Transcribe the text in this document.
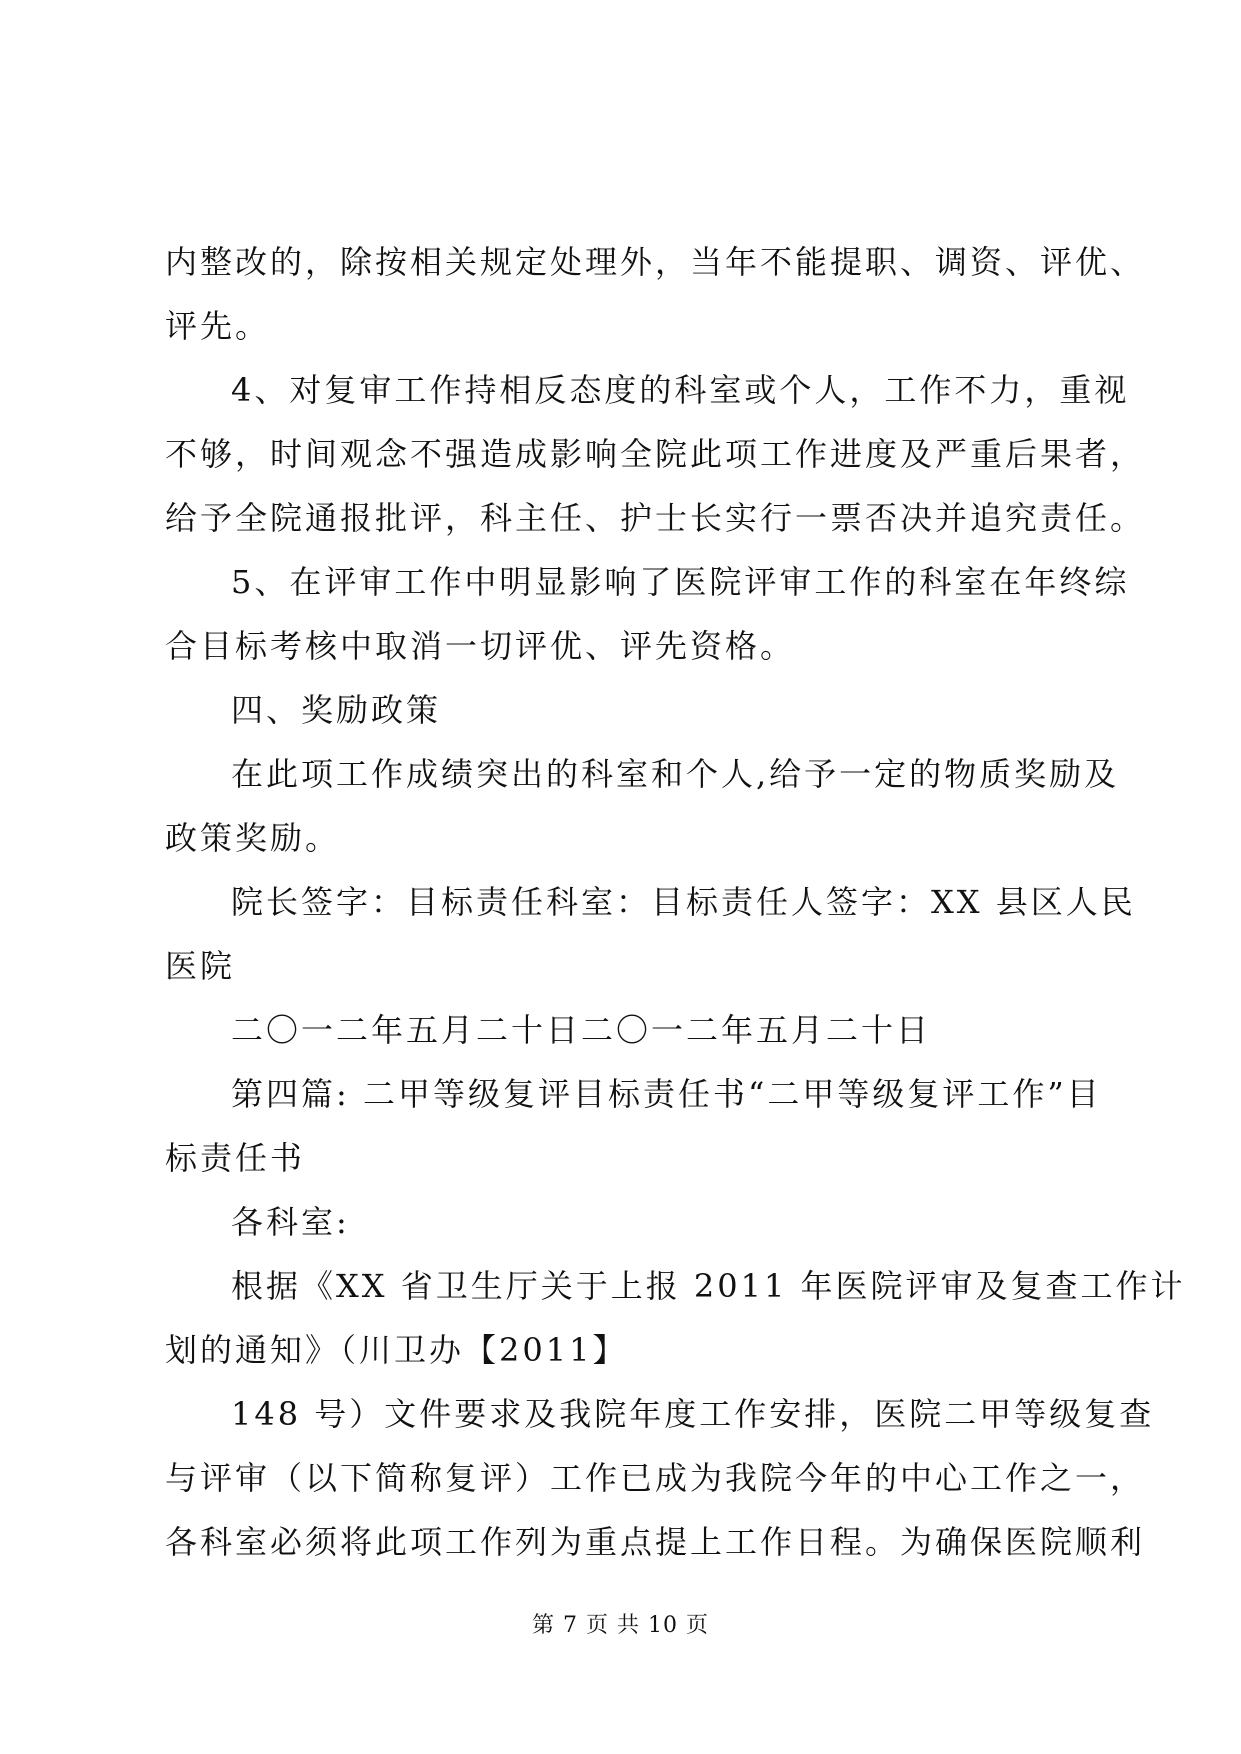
内整改的，除按相关规定处理外，当年不能提职、调资、评优、
评先。
4、对复审工作持相反态度的科室或个人，工作不力，重视
不够，时间观念不强造成影响全院此项工作进度及严重后果者，
给予全院通报批评，科主任、护士长实行一票否决并追究责任。
5、在评审工作中明显影响了医院评审工作的科室在年终综
合目标考核中取消一切评优、评先资格。
四、奖励政策
在此项工作成绩突出的科室和个人,给予一定的物质奖励及
政策奖励。
院长签字：目标责任科室：目标责任人签字：XX 县区人民
医院
二〇一二年五月二十日二〇一二年五月二十日
第四篇: 二甲等级复评目标责任书“二甲等级复评工作”目
标责任书
各科室:
根据《XX 省卫生厅关于上报 2011 年医院评审及复查工作计
划的通知》（川卫办【2011】
148 号）文件要求及我院年度工作安排，医院二甲等级复查
与评审（以下简称复评）工作已成为我院今年的中心工作之一，
各科室必须将此项工作列为重点提上工作日程。为确保医院顺利
第 7 页 共 10 页
